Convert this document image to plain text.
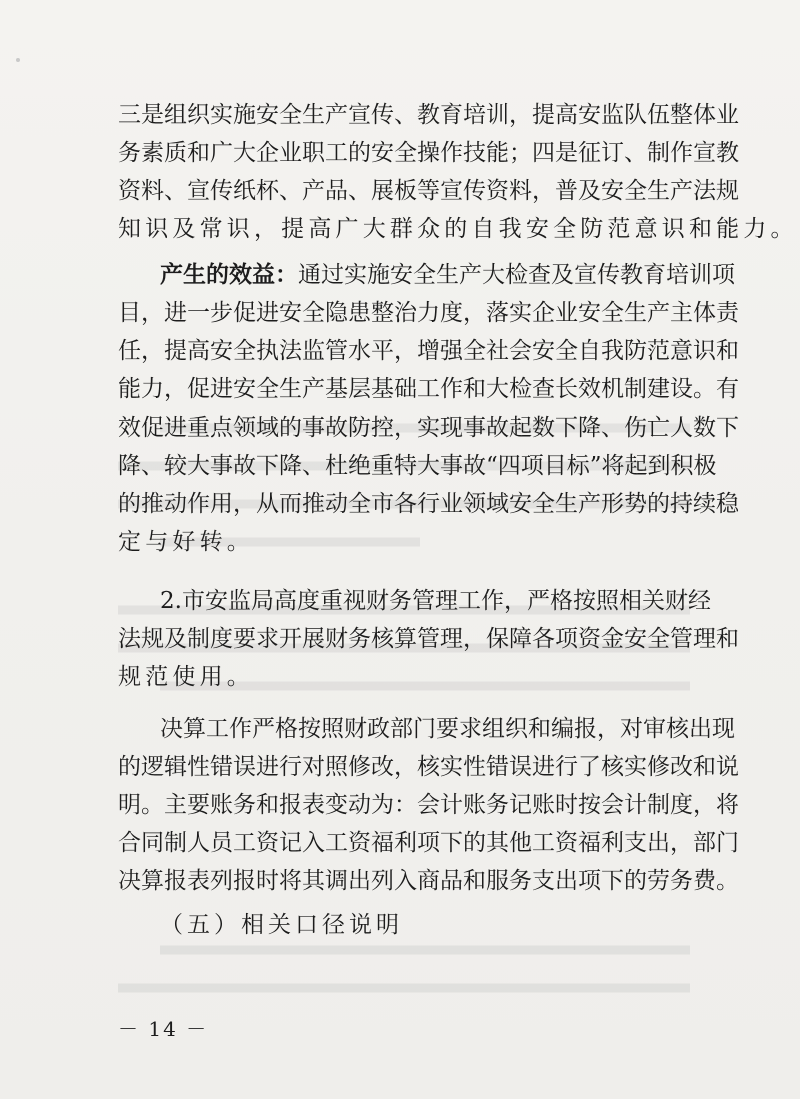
三 是 组 织 实 施 安 全 生 产 宣 传 、 教 育 培 训 ， 提 高 安 监 队 伍 整 体 业
务 素 质 和 广 大 企 业 职 工 的 安 全 操 作 技 能 ； 四 是 征 订 、 制 作 宣 教
资 料 、 宣 传 纸 杯 、 产 品 、 展 板 等 宣 传 资 料 ， 普 及 安 全 生 产 法 规
知 识 及 常 识 ， 提 高 广 大 群 众 的 自 我 安 全 防 范 意 识 和 能 力 。
产生的效益： 通过实施安全生产大检查及宣传教育培训项
目 ， 进 一 步 促 进 安 全 隐 患 整 治 力 度 ， 落 实 企 业 安 全 生 产 主 体 责
任 ， 提 高 安 全 执 法 监 管 水 平 ， 增 强 全 社 会 安 全 自 我 防 范 意 识 和
能 力 ， 促 进 安 全 生 产 基 层 基 础 工 作 和 大 检 查 长 效 机 制 建 设 。 有
效 促 进 重 点 领 域 的 事 故 防 控 ， 实 现 事 故 起 数 下 降 、 伤 亡 人 数 下
降 、 较 大 事 故 下 降 、 杜 绝 重 特 大 事 故 “ 四 项 目 标 ” 将 起 到 积 极
的 推 动 作 用 ， 从 而 推 动 全 市 各 行 业 领 域 安 全 生 产 形 势 的 持 续 稳
定 与 好 转 。
2 . 市 安 监 局 高 度 重 视 财 务 管 理 工 作 ， 严 格 按 照 相 关 财 经
法 规 及 制 度 要 求 开 展 财 务 核 算 管 理 ， 保 障 各 项 资 金 安 全 管 理 和
规 范 使 用 。
决 算 工 作 严 格 按 照 财 政 部 门 要 求 组 织 和 编 报 ， 对 审 核 出 现
的 逻 辑 性 错 误 进 行 对 照 修 改 ， 核 实 性 错 误 进 行 了 核 实 修 改 和 说
明 。 主 要 账 务 和 报 表 变 动 为 ： 会 计 账 务 记 账 时 按 会 计 制 度 ， 将
合 同 制 人 员 工 资 记 入 工 资 福 利 项 下 的 其 他 工 资 福 利 支 出 ， 部 门
决 算 报 表 列 报 时 将 其 调 出 列 入 商 品 和 服 务 支 出 项 下 的 劳 务 费 。
（五）相关口径说明
－ 14 －
